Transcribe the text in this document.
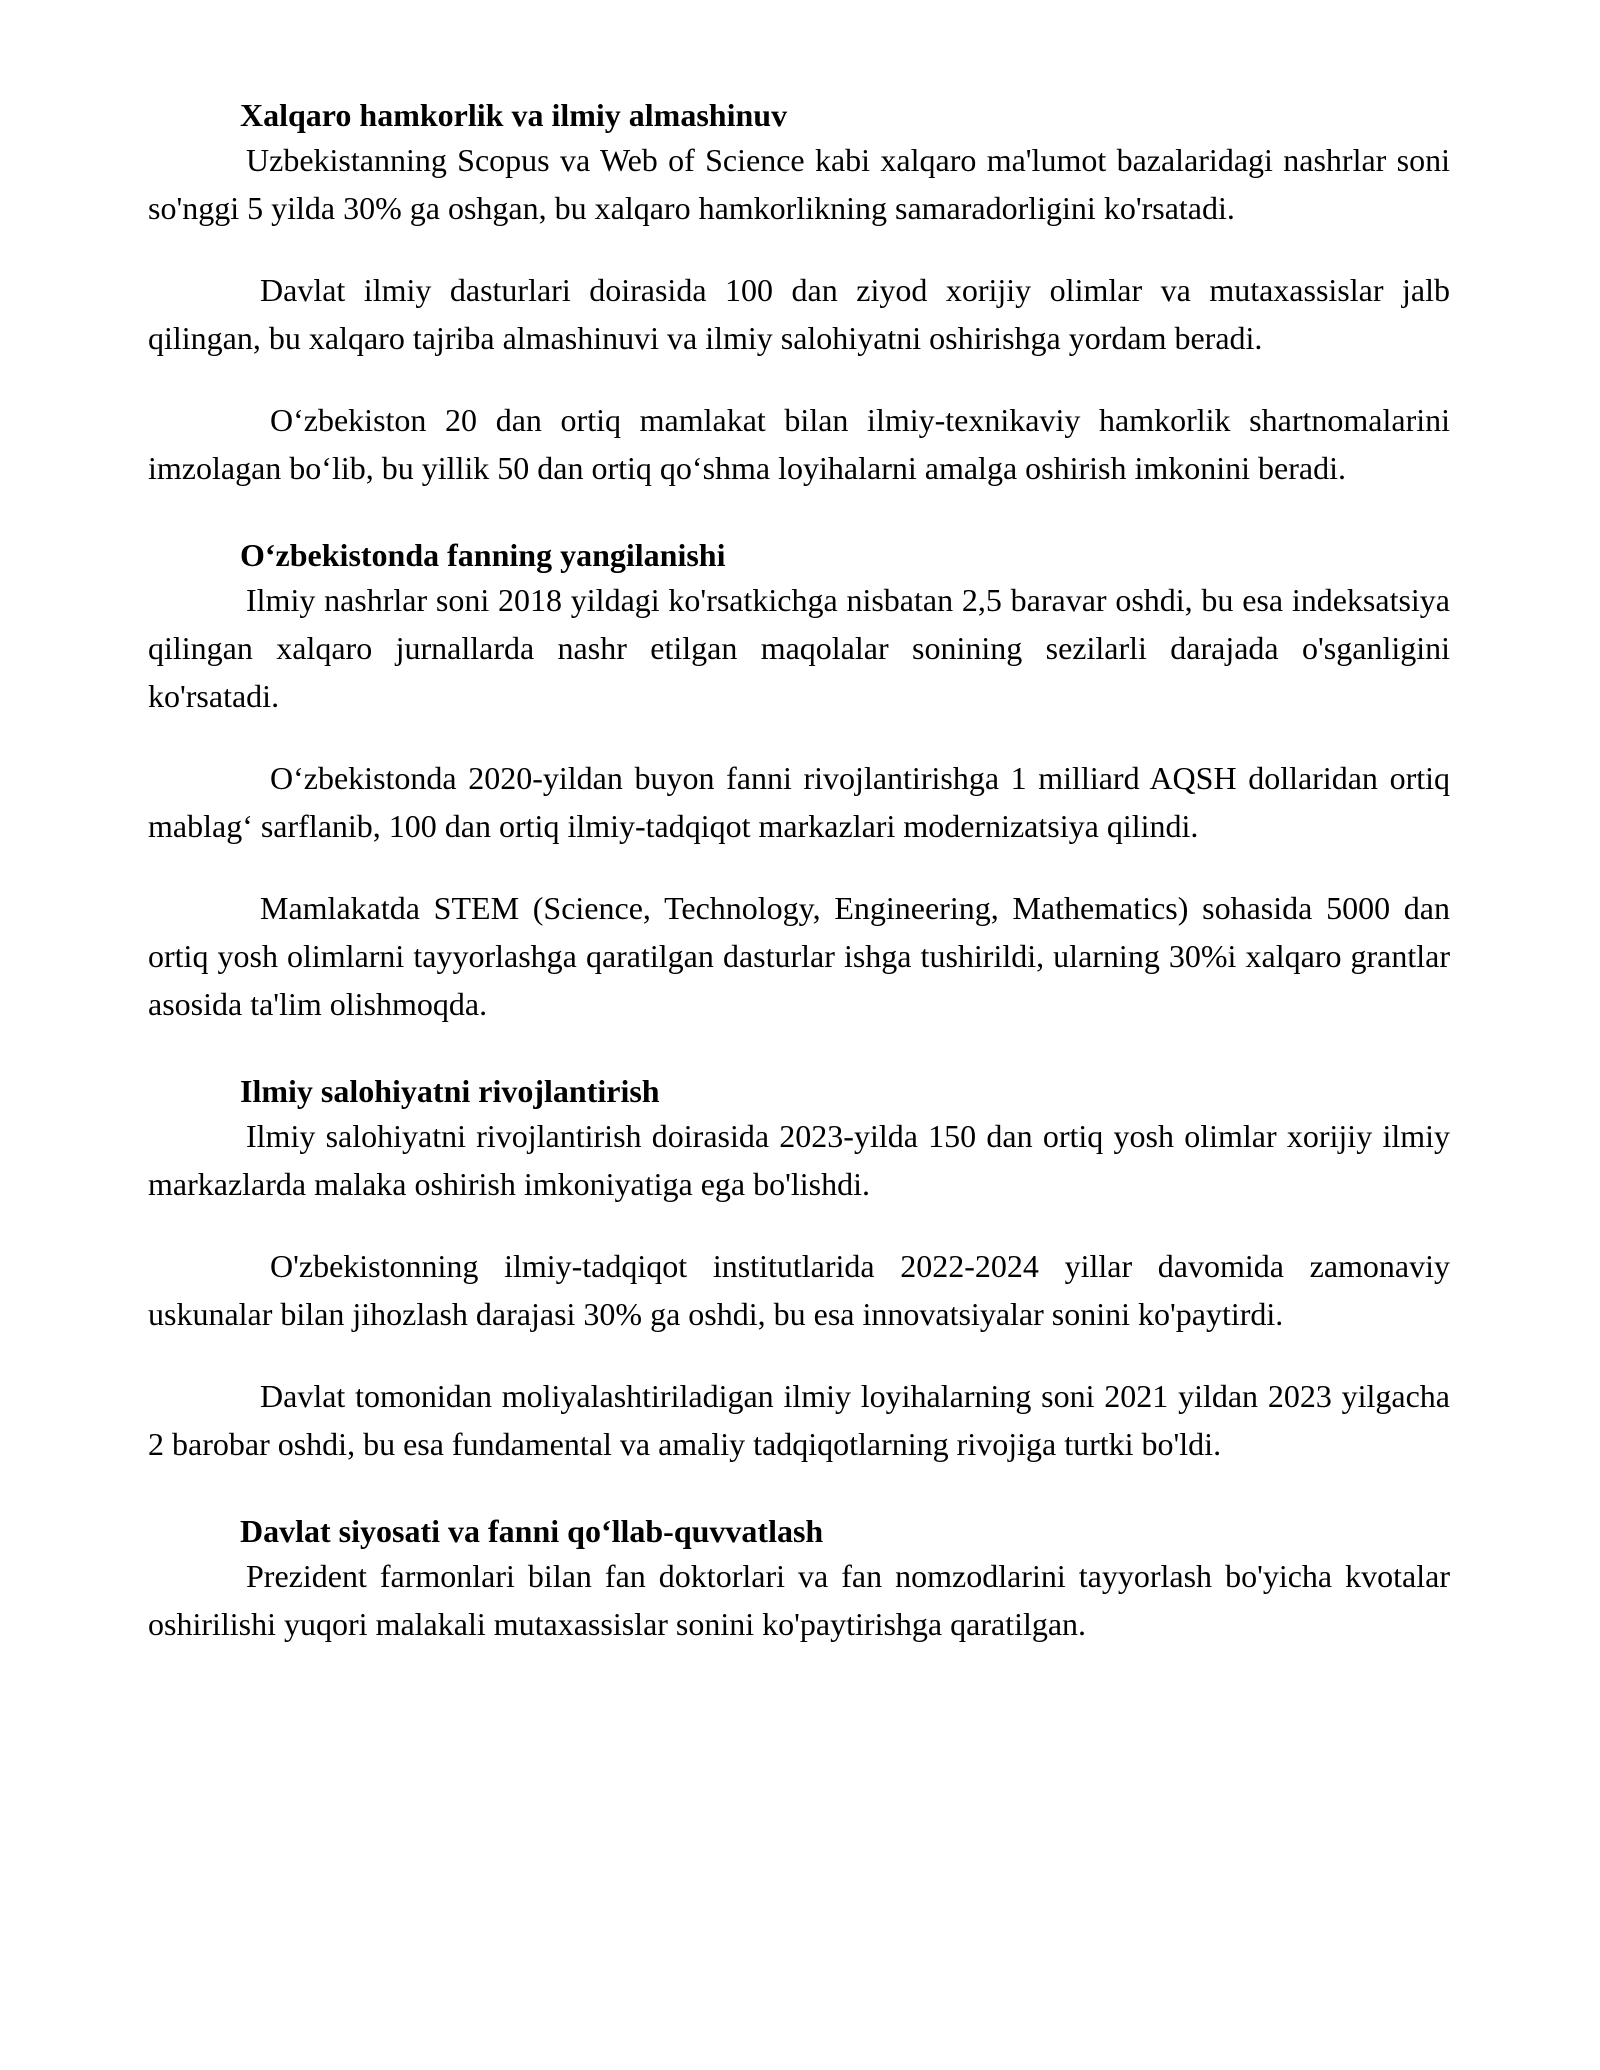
Xalqaro hamkorlik va ilmiy almashinuv

Uzbekistanning Scopus va Web of Science kabi xalqaro ma'lumot bazalaridagi nashrlar soni so'nggi 5 yilda 30% ga oshgan, bu xalqaro hamkorlikning samaradorligini ko'rsatadi.

Davlat ilmiy dasturlari doirasida 100 dan ziyod xorijiy olimlar va mutaxassislar jalb qilingan, bu xalqaro tajriba almashinuvi va ilmiy salohiyatni oshirishga yordam beradi.

O‘zbekiston 20 dan ortiq mamlakat bilan ilmiy-texnikaviy hamkorlik shartnomalarini imzolagan bo‘lib, bu yillik 50 dan ortiq qo‘shma loyihalarni amalga oshirish imkonini beradi.

O‘zbekistonda fanning yangilanishi

Ilmiy nashrlar soni 2018 yildagi ko'rsatkichga nisbatan 2,5 baravar oshdi, bu esa indeksatsiya qilingan xalqaro jurnallarda nashr etilgan maqolalar sonining sezilarli darajada o'sganligini ko'rsatadi.

O‘zbekistonda 2020-yildan buyon fanni rivojlantirishga 1 milliard AQSH dollaridan ortiq mablag‘ sarflanib, 100 dan ortiq ilmiy-tadqiqot markazlari modernizatsiya qilindi.

Mamlakatda STEM (Science, Technology, Engineering, Mathematics) sohasida 5000 dan ortiq yosh olimlarni tayyorlashga qaratilgan dasturlar ishga tushirildi, ularning 30%i xalqaro grantlar asosida ta'lim olishmoqda.

Ilmiy salohiyatni rivojlantirish

Ilmiy salohiyatni rivojlantirish doirasida 2023-yilda 150 dan ortiq yosh olimlar xorijiy ilmiy markazlarda malaka oshirish imkoniyatiga ega bo'lishdi.

O'zbekistonning ilmiy-tadqiqot institutlarida 2022-2024 yillar davomida zamonaviy uskunalar bilan jihozlash darajasi 30% ga oshdi, bu esa innovatsiyalar sonini ko'paytirdi.

Davlat tomonidan moliyalashtiriladigan ilmiy loyihalarning soni 2021 yildan 2023 yilgacha 2 barobar oshdi, bu esa fundamental va amaliy tadqiqotlarning rivojiga turtki bo'ldi.

Davlat siyosati va fanni qo‘llab-quvvatlash

Prezident farmonlari bilan fan doktorlari va fan nomzodlarini tayyorlash bo'yicha kvotalar oshirilishi yuqori malakali mutaxassislar sonini ko'paytirishga qaratilgan.
